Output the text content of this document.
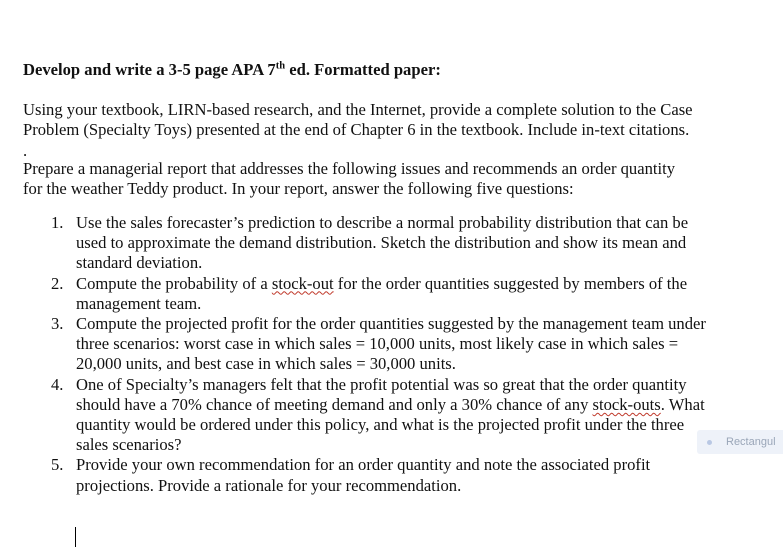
Develop and write a 3-5 page APA 7th ed. Formatted paper:

Using your textbook, LIRN-based research, and the Internet, provide a complete solution to the Case Problem (Specialty Toys) presented at the end of Chapter 6 in the textbook. Include in-text citations.

.

Prepare a managerial report that addresses the following issues and recommends an order quantity for the weather Teddy product. In your report, answer the following five questions:

1. Use the sales forecaster’s prediction to describe a normal probability distribution that can be used to approximate the demand distribution. Sketch the distribution and show its mean and standard deviation.
2. Compute the probability of a stock-out for the order quantities suggested by members of the management team.
3. Compute the projected profit for the order quantities suggested by the management team under three scenarios: worst case in which sales = 10,000 units, most likely case in which sales = 20,000 units, and best case in which sales = 30,000 units.
4. One of Specialty’s managers felt that the profit potential was so great that the order quantity should have a 70% chance of meeting demand and only a 30% chance of any stock-outs. What quantity would be ordered under this policy, and what is the projected profit under the three sales scenarios?
5. Provide your own recommendation for an order quantity and note the associated profit projections. Provide a rationale for your recommendation.
Rectangul
